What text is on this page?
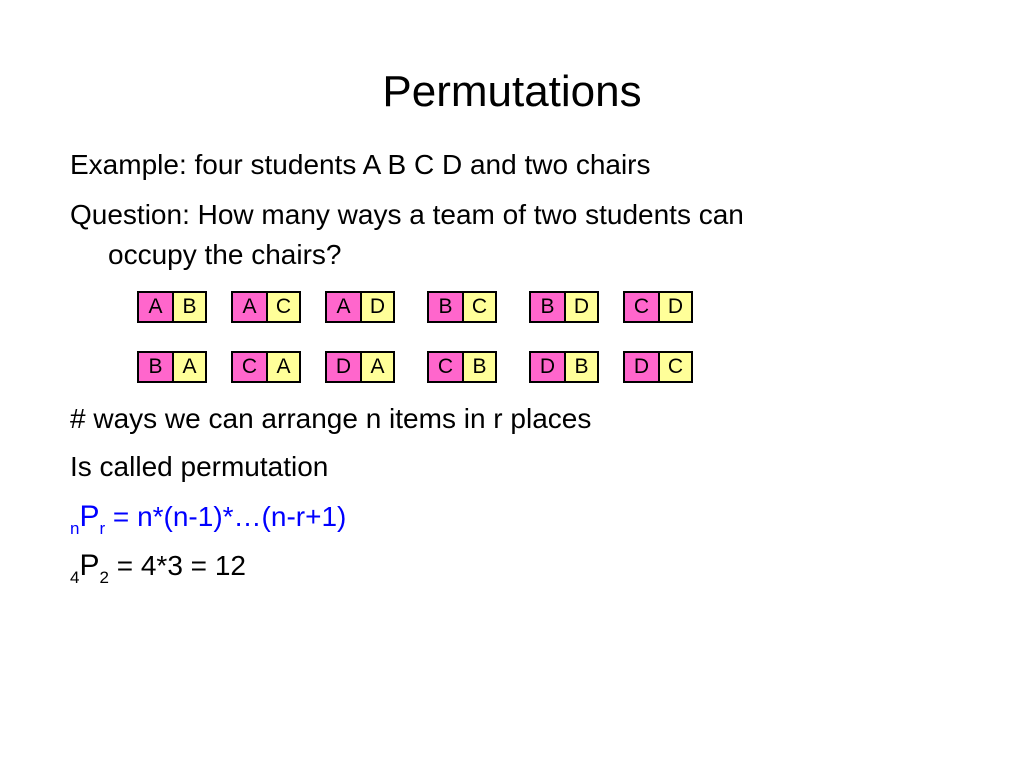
Permutations
Example: four students A B C D and two chairs
Question: How many ways a team of two students can
occupy the chairs?
A B	A C	A D	B C	B D	C D
B A	C A	D A	C B	D B	D C
# ways we can arrange n items in r places
Is called permutation
$_nP_r$ = n*(n-1)*…(n-r+1)
$_4P_2 = 4*3 = 12$
